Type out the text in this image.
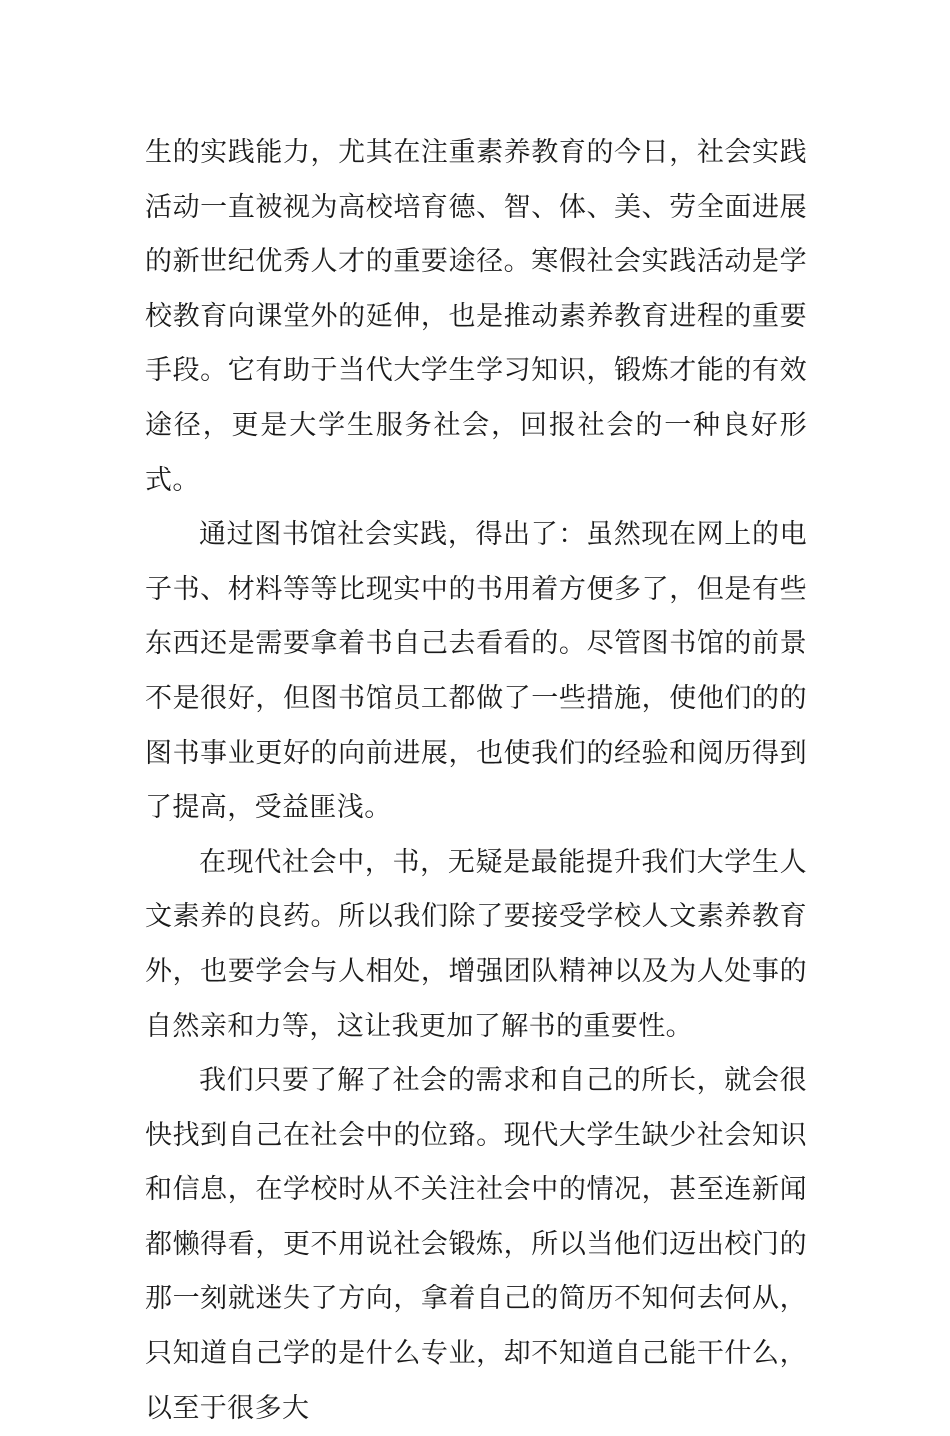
生的实践能力，尤其在注重素养教育的今日，社会实践活动一直被视为高校培育德、智、体、美、劳全面进展的新世纪优秀人才的重要途径。寒假社会实践活动是学校教育向课堂外的延伸，也是推动素养教育进程的重要手段。它有助于当代大学生学习知识，锻炼才能的有效途径，更是大学生服务社会，回报社会的一种良好形式。

通过图书馆社会实践，得出了：虽然现在网上的电子书、材料等等比现实中的书用着方便多了，但是有些东西还是需要拿着书自己去看看的。尽管图书馆的前景不是很好，但图书馆员工都做了一些措施，使他们的的图书事业更好的向前进展，也使我们的经验和阅历得到了提高，受益匪浅。

在现代社会中，书，无疑是最能提升我们大学生人文素养的良药。所以我们除了要接受学校人文素养教育外，也要学会与人相处，增强团队精神以及为人处事的自然亲和力等，这让我更加了解书的重要性。

我们只要了解了社会的需求和自己的所长，就会很快找到自己在社会中的位臵。现代大学生缺少社会知识和信息，在学校时从不关注社会中的情况，甚至连新闻都懒得看，更不用说社会锻炼，所以当他们迈出校门的那一刻就迷失了方向，拿着自己的简历不知何去何从，只知道自己学的是什么专业，却不知道自己能干什么，以至于很多大
